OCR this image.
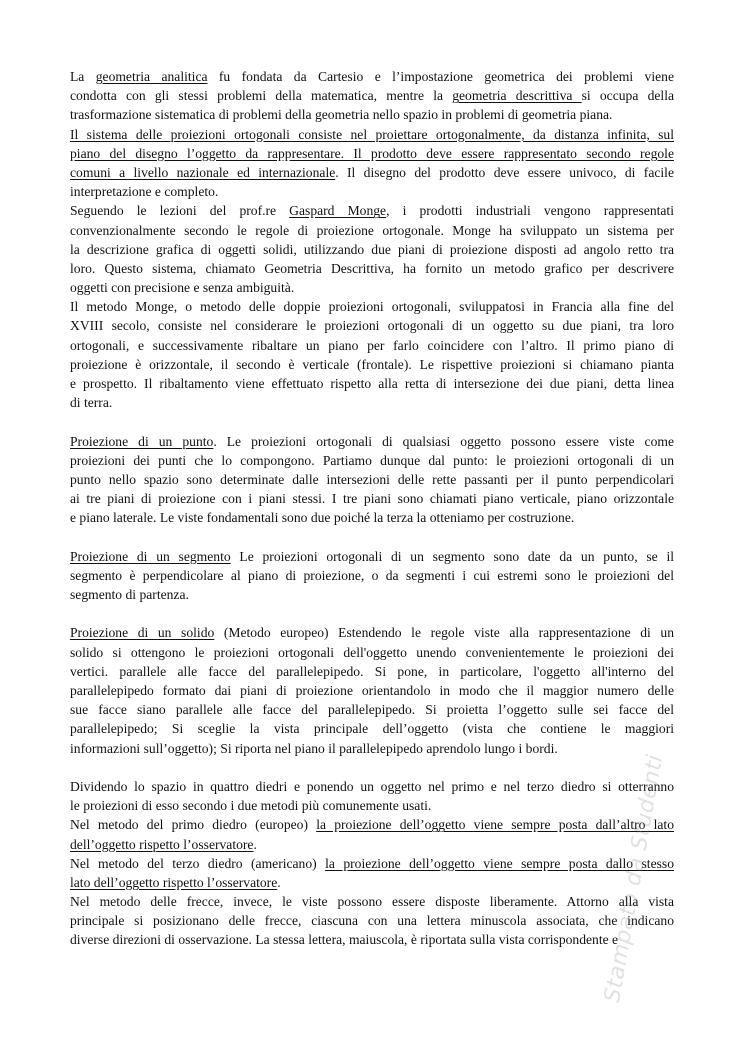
La geometria analitica fu fondata da Cartesio e l’impostazione geometrica dei problemi viene
condotta con gli stessi problemi della matematica, mentre la geometria descrittiva si occupa della
trasformazione sistematica di problemi della geometria nello spazio in problemi di geometria piana.
Il sistema delle proiezioni ortogonali consiste nel proiettare ortogonalmente, da distanza infinita, sul
piano del disegno l’oggetto da rappresentare. Il prodotto deve essere rappresentato secondo regole
comuni a livello nazionale ed internazionale. Il disegno del prodotto deve essere univoco, di facile
interpretazione e completo.
Seguendo le lezioni del prof.re Gaspard Monge, i prodotti industriali vengono rappresentati
convenzionalmente secondo le regole di proiezione ortogonale. Monge ha sviluppato un sistema per
la descrizione grafica di oggetti solidi, utilizzando due piani di proiezione disposti ad angolo retto tra
loro. Questo sistema, chiamato Geometria Descrittiva, ha fornito un metodo grafico per descrivere
oggetti con precisione e senza ambiguità.
Il metodo Monge, o metodo delle doppie proiezioni ortogonali, sviluppatosi in Francia alla fine del
XVIII secolo, consiste nel considerare le proiezioni ortogonali di un oggetto su due piani, tra loro
ortogonali, e successivamente ribaltare un piano per farlo coincidere con l’altro. Il primo piano di
proiezione è orizzontale, il secondo è verticale (frontale). Le rispettive proiezioni si chiamano pianta
e prospetto. Il ribaltamento viene effettuato rispetto alla retta di intersezione dei due piani, detta linea
di terra.
Proiezione di un punto. Le proiezioni ortogonali di qualsiasi oggetto possono essere viste come
proiezioni dei punti che lo compongono. Partiamo dunque dal punto: le proiezioni ortogonali di un
punto nello spazio sono determinate dalle intersezioni delle rette passanti per il punto perpendicolari
ai tre piani di proiezione con i piani stessi. I tre piani sono chiamati piano verticale, piano orizzontale
e piano laterale. Le viste fondamentali sono due poiché la terza la otteniamo per costruzione.
Proiezione di un segmento Le proiezioni ortogonali di un segmento sono date da un punto, se il
segmento è perpendicolare al piano di proiezione, o da segmenti i cui estremi sono le proiezioni del
segmento di partenza.
Proiezione di un solido (Metodo europeo) Estendendo le regole viste alla rappresentazione di un
solido si ottengono le proiezioni ortogonali dell'oggetto unendo convenientemente le proiezioni dei
vertici. parallele alle facce del parallelepipedo. Si pone, in particolare, l'oggetto all'interno del
parallelepipedo formato dai piani di proiezione orientandolo in modo che il maggior numero delle
sue facce siano parallele alle facce del parallelepipedo. Si proietta l’oggetto sulle sei facce del
parallelepipedo; Si sceglie la vista principale dell’oggetto (vista che contiene le maggiori
informazioni sull’oggetto); Si riporta nel piano il parallelepipedo aprendolo lungo i bordi.
Dividendo lo spazio in quattro diedri e ponendo un oggetto nel primo e nel terzo diedro si otterranno
le proiezioni di esso secondo i due metodi più comunemente usati.
Nel metodo del primo diedro (europeo) la proiezione dell’oggetto viene sempre posta dall’altro lato
dell’oggetto rispetto l’osservatore.
Nel metodo del terzo diedro (americano) la proiezione dell’oggetto viene sempre posta dallo stesso
lato dell’oggetto rispetto l’osservatore.
Nel metodo delle frecce, invece, le viste possono essere disposte liberamente. Attorno alla vista
principale si posizionano delle frecce, ciascuna con una lettera minuscola associata, che indicano
diverse direzioni di osservazione. La stessa lettera, maiuscola, è riportata sulla vista corrispondente e
Stampato da Studenti
